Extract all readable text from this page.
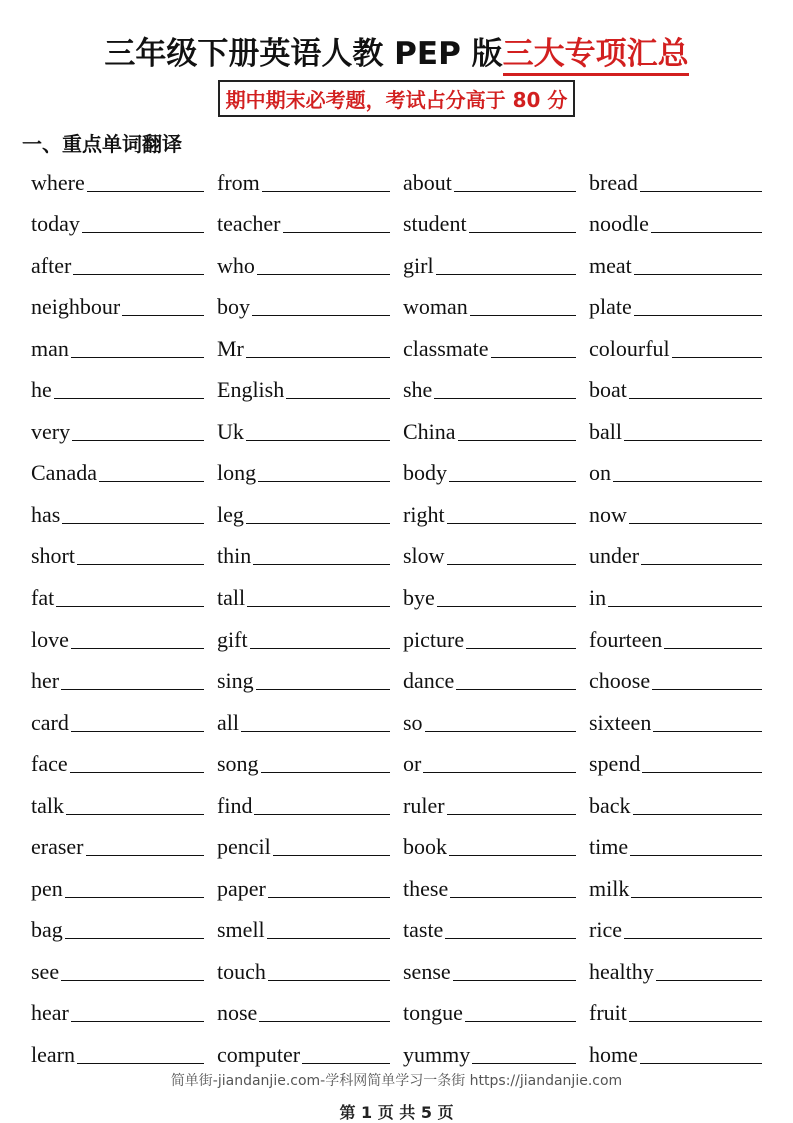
三年级下册英语人教 PEP 版三大专项汇总
期中期末必考题，考试占分高于 80 分
一、重点单词翻译
where	from	about	bread
today	teacher	student	noodle
after	who	girl	meat
neighbour	boy	woman	plate
man	Mr	classmate	colourful
he	English	she	boat
very	Uk	China	ball
Canada	long	body	on
has	leg	right	now
short	thin	slow	under
fat	tall	bye	in
love	gift	picture	fourteen
her	sing	dance	choose
card	all	so	sixteen
face	song	or	spend
talk	find	ruler	back
eraser	pencil	book	time
pen	paper	these	milk
bag	smell	taste	rice
see	touch	sense	healthy
hear	nose	tongue	fruit
learn	computer	yummy	home
简单街-jiandanjie.com-学科网简单学习一条街 https://jiandanjie.com
第 1 页 共 5 页
